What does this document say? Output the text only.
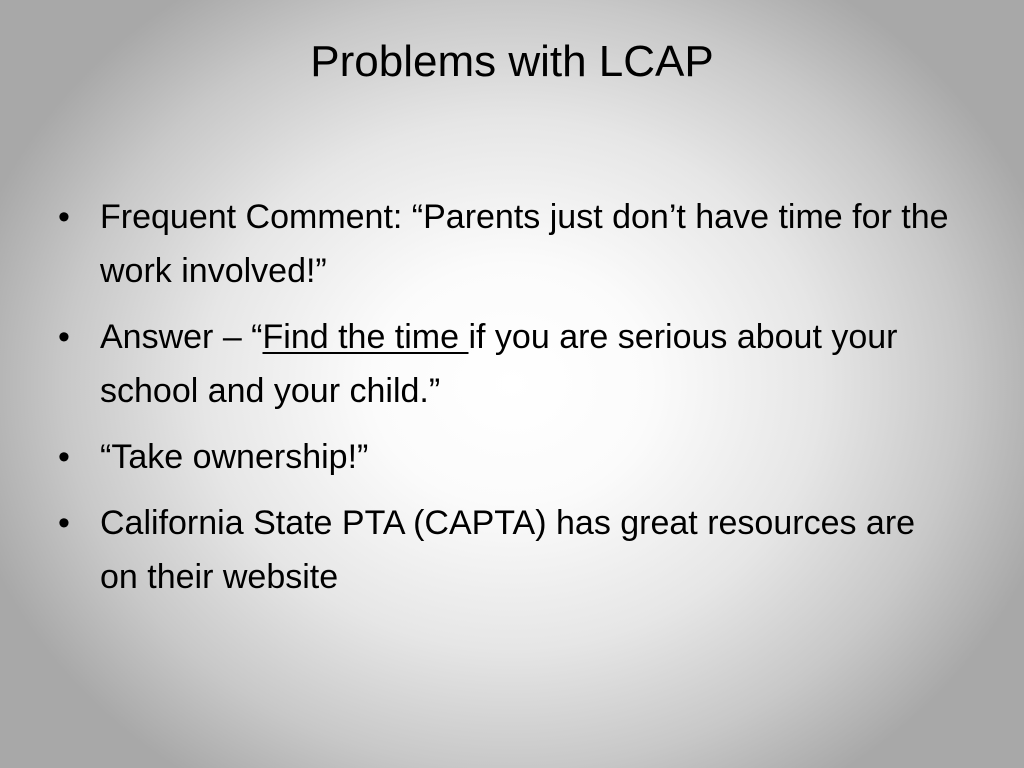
Problems with LCAP
• Frequent Comment: “Parents just don’t have time for the work involved!”
• Answer – “Find the time if you are serious about your school and your child.”
• “Take ownership!”
• California State PTA (CAPTA) has great resources are on their website
